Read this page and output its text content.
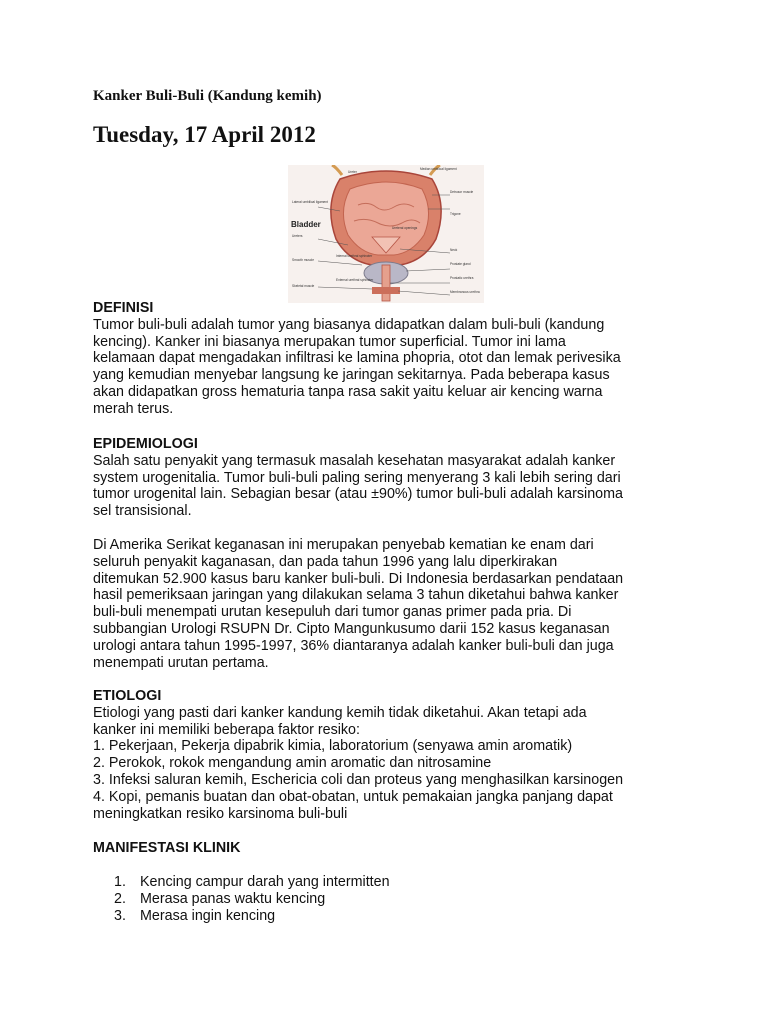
Kanker Buli-Buli (Kandung kemih)

Tuesday, 17 April 2012

Bladder
Ureter
Median umbilical ligament
Lateral umbilical ligament
Detrusor muscle
Ureteral openings
Trigone
Neck
Prostate gland
Prostatic urethra
Smooth muscle
Internal urethral sphincter
External urethral sphincter
Skeletal muscle
Membranous urethra
Ureters

DEFINISI

Tumor buli-buli adalah tumor yang biasanya didapatkan dalam buli-buli (kandung

kencing). Kanker ini biasanya merupakan tumor superficial. Tumor ini lama

kelamaan dapat mengadakan infiltrasi ke lamina phopria, otot dan lemak perivesika

yang kemudian menyebar langsung ke jaringan sekitarnya. Pada beberapa kasus

akan didapatkan gross hematuria tanpa rasa sakit yaitu keluar air kencing warna

merah terus.

EPIDEMIOLOGI

Salah satu penyakit yang termasuk masalah kesehatan masyarakat adalah kanker

system urogenitalia. Tumor buli-buli paling sering menyerang 3 kali lebih sering dari

tumor urogenital lain. Sebagian besar (atau ±90%) tumor buli-buli adalah karsinoma

sel transisional.

Di Amerika Serikat keganasan ini merupakan penyebab kematian ke enam dari

seluruh penyakit kaganasan, dan pada tahun 1996 yang lalu diperkirakan

ditemukan 52.900 kasus baru kanker buli-buli. Di Indonesia berdasarkan pendataan

hasil pemeriksaan jaringan yang dilakukan selama 3 tahun diketahui bahwa kanker

buli-buli menempati urutan kesepuluh dari tumor ganas primer pada pria. Di

subbangian Urologi RSUPN Dr. Cipto Mangunkusumo darii 152 kasus keganasan

urologi antara tahun 1995-1997, 36% diantaranya adalah kanker buli-buli dan juga

menempati urutan pertama.

ETIOLOGI

Etiologi yang pasti dari kanker kandung kemih tidak diketahui. Akan tetapi ada

kanker ini memiliki beberapa faktor resiko:

1. Pekerjaan, Pekerja dipabrik kimia, laboratorium (senyawa amin aromatik)

2. Perokok, rokok mengandung amin aromatic dan nitrosamine

3. Infeksi saluran kemih, Eschericia coli dan proteus yang menghasilkan karsinogen

4. Kopi, pemanis buatan dan obat-obatan, untuk pemakaian jangka panjang dapat

meningkatkan resiko karsinoma buli-buli

MANIFESTASI KLINIK

1. Kencing campur darah yang intermitten
2. Merasa panas waktu kencing
3. Merasa ingin kencing
